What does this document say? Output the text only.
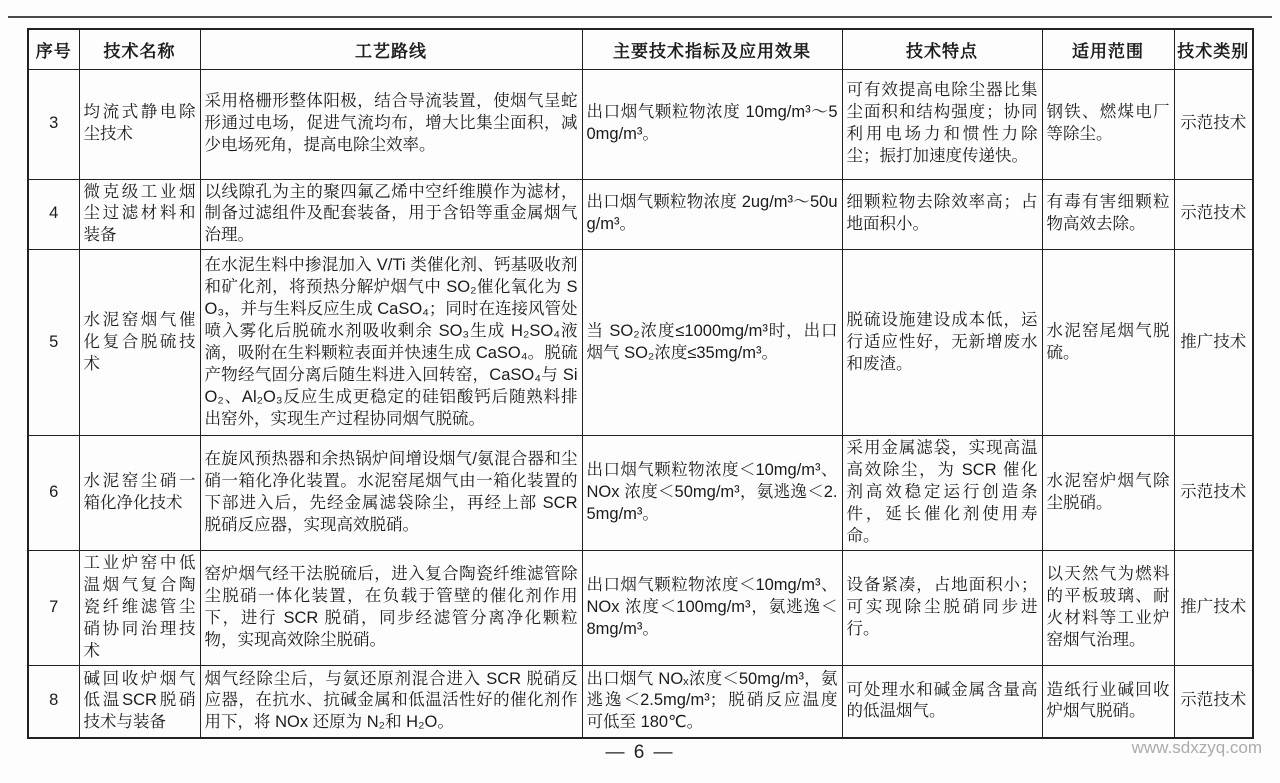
序号	技术名称	工艺路线	主要技术指标及应用效果	技术特点	适用范围	技术类别
3	均流式静电除尘技术	采用格栅形整体阳极，结合导流装置，使烟气呈蛇形通过电场，促进气流均布，增大比集尘面积，减少电场死角，提高电除尘效率。	出口烟气颗粒物浓度 10mg/m³～50mg/m³。	可有效提高电除尘器比集尘面积和结构强度；协同利用电场力和惯性力除尘；振打加速度传递快。	钢铁、燃煤电厂等除尘。	示范技术
4	微克级工业烟尘过滤材料和装备	以线隙孔为主的聚四氟乙烯中空纤维膜作为滤材，制备过滤组件及配套装备，用于含铅等重金属烟气治理。	出口烟气颗粒物浓度 2ug/m³～50ug/m³。	细颗粒物去除效率高；占地面积小。	有毒有害细颗粒物高效去除。	示范技术
5	水泥窑烟气催化复合脱硫技术	在水泥生料中掺混加入 V/Ti 类催化剂、钙基吸收剂和矿化剂，将预热分解炉烟气中 SO₂催化氧化为 SO₃，并与生料反应生成 CaSO₄；同时在连接风管处喷入雾化后脱硫水剂吸收剩余 SO₃生成 H₂SO₄液滴，吸附在生料颗粒表面并快速生成 CaSO₄。脱硫产物经气固分离后随生料进入回转窑，CaSO₄与 SiO₂、Al₂O₃反应生成更稳定的硅铝酸钙后随熟料排出窑外，实现生产过程协同烟气脱硫。	当 SO₂浓度≤1000mg/m³时，出口烟气 SO₂浓度≤35mg/m³。	脱硫设施建设成本低，运行适应性好，无新增废水和废渣。	水泥窑尾烟气脱硫。	推广技术
6	水泥窑尘硝一箱化净化技术	在旋风预热器和余热锅炉间增设烟气/氨混合器和尘硝一箱化净化装置。水泥窑尾烟气由一箱化装置的下部进入后，先经金属滤袋除尘，再经上部 SCR 脱硝反应器，实现高效脱硝。	出口烟气颗粒物浓度＜10mg/m³、NOx 浓度＜50mg/m³，氨逃逸＜2.5mg/m³。	采用金属滤袋，实现高温高效除尘，为 SCR 催化剂高效稳定运行创造条件，延长催化剂使用寿命。	水泥窑炉烟气除尘脱硝。	示范技术
7	工业炉窑中低温烟气复合陶瓷纤维滤管尘硝协同治理技术	窑炉烟气经干法脱硫后，进入复合陶瓷纤维滤管除尘脱硝一体化装置，在负载于管壁的催化剂作用下，进行 SCR 脱硝，同步经滤管分离净化颗粒物，实现高效除尘脱硝。	出口烟气颗粒物浓度＜10mg/m³、NOx 浓度＜100mg/m³，氨逃逸＜8mg/m³。	设备紧凑，占地面积小；可实现除尘脱硝同步进行。	以天然气为燃料的平板玻璃、耐火材料等工业炉窑烟气治理。	推广技术
8	碱回收炉烟气低温SCR脱硝技术与装备	烟气经除尘后，与氨还原剂混合进入 SCR 脱硝反应器，在抗水、抗碱金属和低温活性好的催化剂作用下，将 NOx 还原为 N₂和 H₂O。	出口烟气 NOₓ浓度＜50mg/m³，氨逃逸＜2.5mg/m³；脱硝反应温度可低至 180℃。	可处理水和碱金属含量高的低温烟气。	造纸行业碱回收炉烟气脱硝。	示范技术
— 6 —	www.sdxzyq.com
